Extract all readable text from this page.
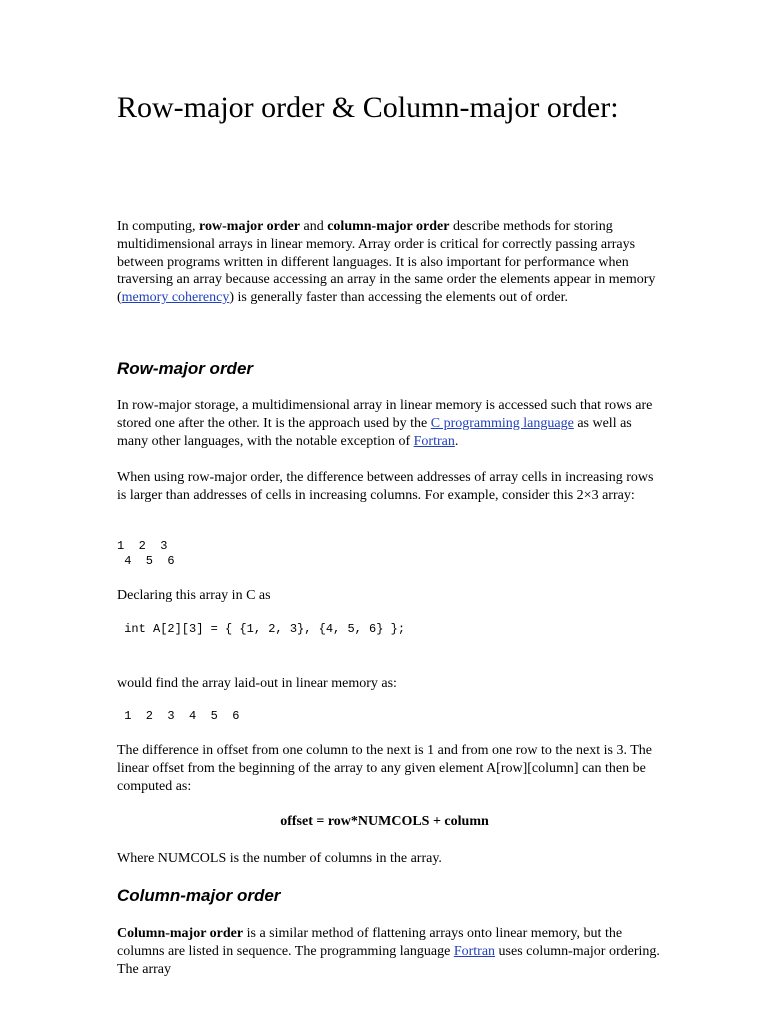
Row-major order & Column-major order:

In computing, row-major order and column-major order describe methods for storing multidimensional arrays in linear memory. Array order is critical for correctly passing arrays between programs written in different languages. It is also important for performance when traversing an array because accessing an array in the same order the elements appear in memory (memory coherency) is generally faster than accessing the elements out of order.

Row-major order

In row-major storage, a multidimensional array in linear memory is accessed such that rows are stored one after the other. It is the approach used by the C programming language as well as many other languages, with the notable exception of Fortran.

When using row-major order, the difference between addresses of array cells in increasing rows is larger than addresses of cells in increasing columns. For example, consider this 2×3 array:

1  2  3
4  5  6

Declaring this array in C as

int A[2][3] = { {1, 2, 3}, {4, 5, 6} };

would find the array laid-out in linear memory as:

1  2  3  4  5  6

The difference in offset from one column to the next is 1 and from one row to the next is 3. The linear offset from the beginning of the array to any given element A[row][column] can then be computed as:

offset = row*NUMCOLS + column

Where NUMCOLS is the number of columns in the array.

Column-major order

Column-major order is a similar method of flattening arrays onto linear memory, but the columns are listed in sequence. The programming language Fortran uses column-major ordering. The array
